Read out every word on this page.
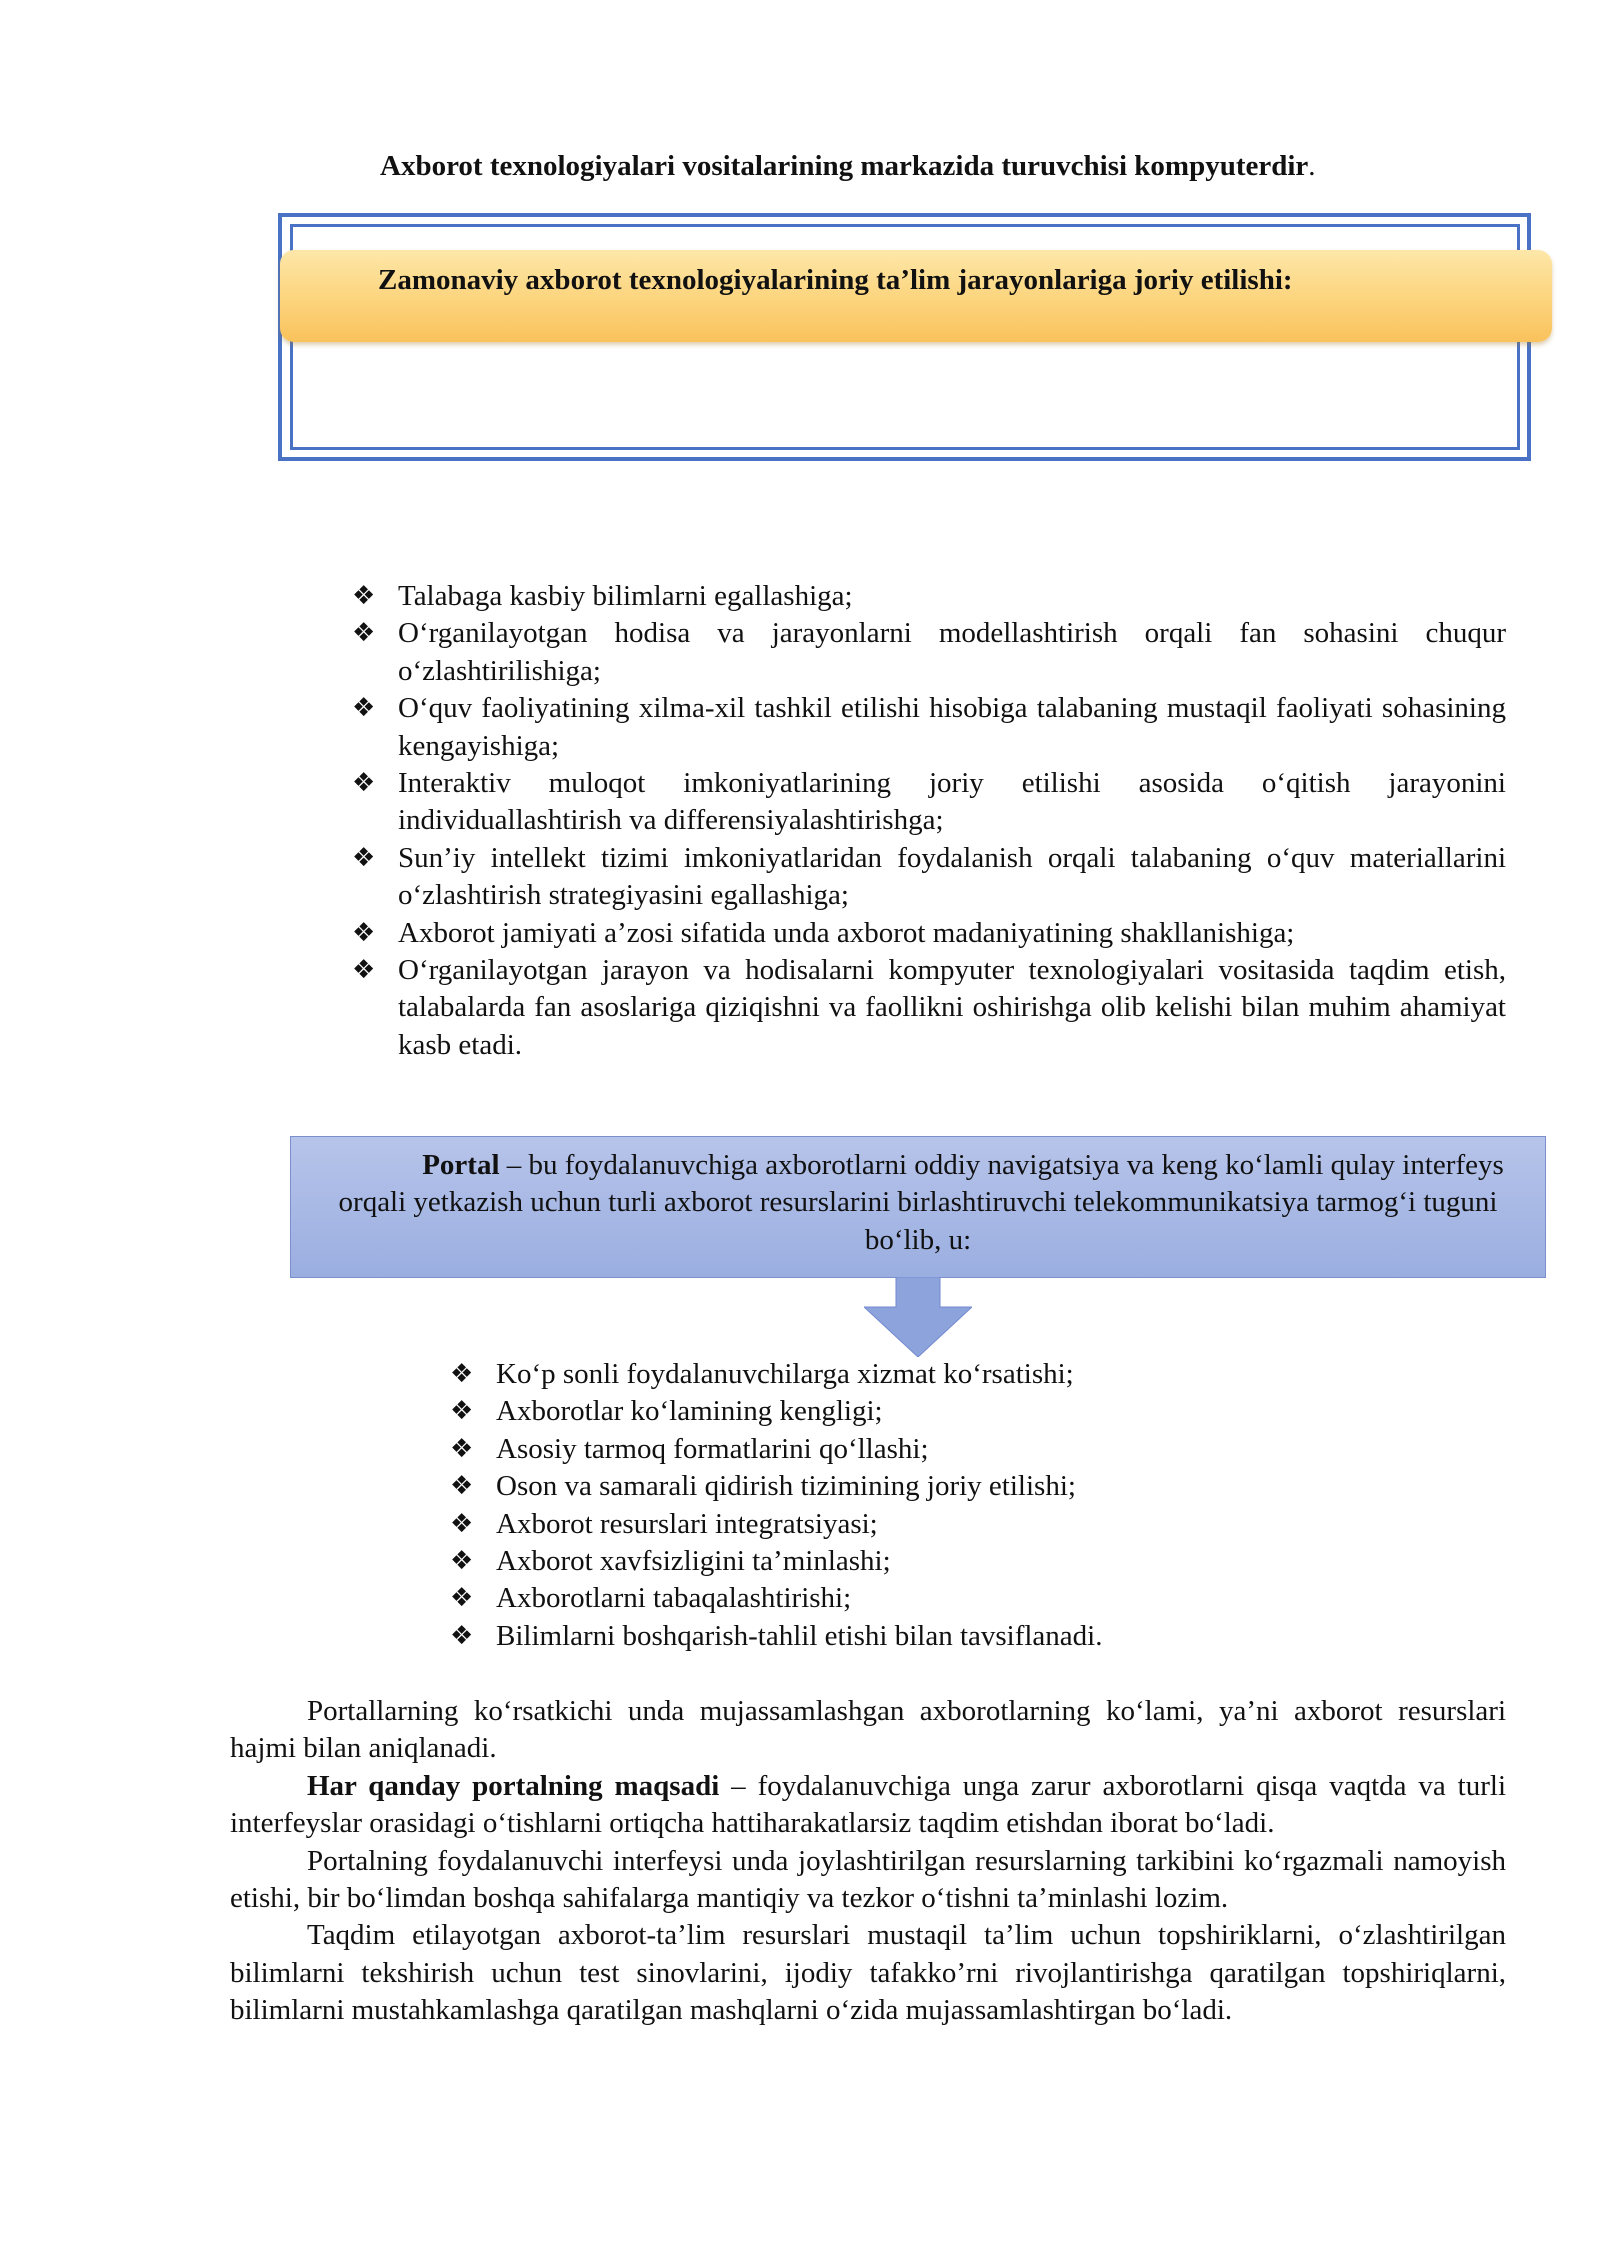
Axborot texnologiyalari vositalarining markazida turuvchisi kompyuterdir.
Zamonaviy axborot texnologiyalarining ta’lim jarayonlariga joriy etilishi:
❖ Talabaga kasbiy bilimlarni egallashiga;
❖ O‘rganilayotgan hodisa va jarayonlarni modellashtirish orqali fan sohasini chuqur o‘zlashtirilishiga;
❖ O‘quv faoliyatining xilma-xil tashkil etilishi hisobiga talabaning mustaqil faoliyati sohasining kengayishiga;
❖ Interaktiv muloqot imkoniyatlarining joriy etilishi asosida o‘qitish jarayonini individuallashtirish va differensiyalashtirishga;
❖ Sun’iy intellekt tizimi imkoniyatlaridan foydalanish orqali talabaning o‘quv materiallarini o‘zlashtirish strategiyasini egallashiga;
❖ Axborot jamiyati a’zosi sifatida unda axborot madaniyatining shakllanishiga;
❖ O‘rganilayotgan jarayon va hodisalarni kompyuter texnologiyalari vositasida taqdim etish, talabalarda fan asoslariga qiziqishni va faollikni oshirishga olib kelishi bilan muhim ahamiyat kasb etadi.
Portal – bu foydalanuvchiga axborotlarni oddiy navigatsiya va keng ko‘lamli qulay interfeys orqali yetkazish uchun turli axborot resurslarini birlashtiruvchi telekommunikatsiya tarmog‘i tuguni bo‘lib, u:
❖ Ko‘p sonli foydalanuvchilarga xizmat ko‘rsatishi;
❖ Axborotlar ko‘lamining kengligi;
❖ Asosiy tarmoq formatlarini qo‘llashi;
❖ Oson va samarali qidirish tizimining joriy etilishi;
❖ Axborot resurslari integratsiyasi;
❖ Axborot xavfsizligini ta’minlashi;
❖ Axborotlarni tabaqalashtirishi;
❖ Bilimlarni boshqarish-tahlil etishi bilan tavsiflanadi.

Portallarning ko‘rsatkichi unda mujassamlashgan axborotlarning ko‘lami, ya’ni axborot resurslari hajmi bilan aniqlanadi.

Har qanday portalning maqsadi – foydalanuvchiga unga zarur axborotlarni qisqa vaqtda va turli interfeyslar orasidagi o‘tishlarni ortiqcha hattiharakatlarsiz taqdim etishdan iborat bo‘ladi.

Portalning foydalanuvchi interfeysi unda joylashtirilgan resurslarning tarkibini ko‘rgazmali namoyish etishi, bir bo‘limdan boshqa sahifalarga mantiqiy va tezkor o‘tishni ta’minlashi lozim.

Taqdim etilayotgan axborot-ta’lim resurslari mustaqil ta’lim uchun topshiriklarni, o‘zlashtirilgan bilimlarni tekshirish uchun test sinovlarini, ijodiy tafakko’rni rivojlantirishga qaratilgan topshiriqlarni, bilimlarni mustahkamlashga qaratilgan mashqlarni o‘zida mujassamlashtirgan bo‘ladi.
